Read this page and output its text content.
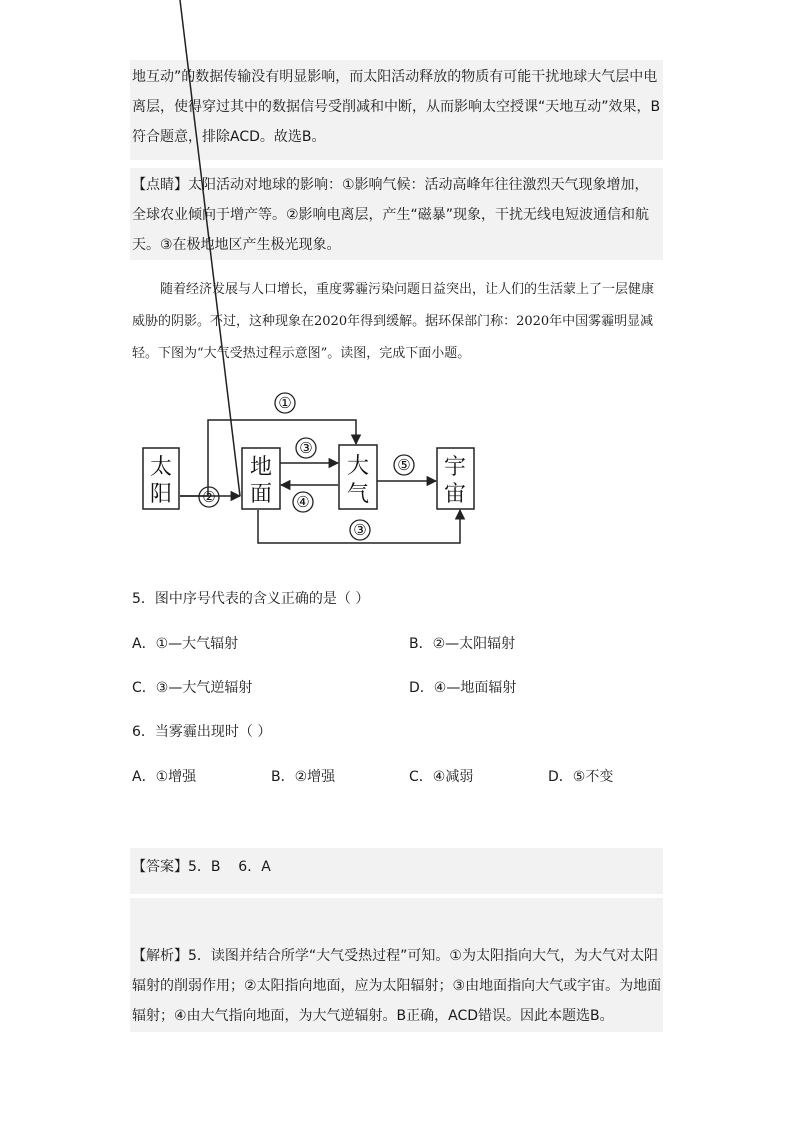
地互动”的数据传输没有明显影响，而太阳活动释放的物质有可能干扰地球大气层中电离层，使得穿过其中的数据信号受削减和中断，从而影响太空授课“天地互动”效果，B符合题意，排除ACD。故选B。

【点睛】太阳活动对地球的影响：①影响气候：活动高峰年往往激烈天气现象增加，全球农业倾向于增产等。②影响电离层，产生“磁暴”现象，干扰无线电短波通信和航天。③在极地地区产生极光现象。

随着经济发展与人口增长，重度雾霾污染问题日益突出，让人们的生活蒙上了一层健康威胁的阴影。不过，这种现象在2020年得到缓解。据环保部门称：2020年中国雾霾明显减轻。下图为“大气受热过程示意图”。读图，完成下面小题。

太
阳
地
面
大
气
宇
宙
①
②
③
④
⑤
③
5．图中序号代表的含义正确的是（ ）
A．①—大气辐射	B．②—太阳辐射
C．③—大气逆辐射	D．④—地面辐射
6．当雾霾出现时（ ）
A．①增强	B．②增强	C．④减弱	D．⑤不变
【答案】5．B    6．A

【解析】5．读图并结合所学“大气受热过程”可知。①为太阳指向大气，为大气对太阳辐射的削弱作用；②太阳指向地面，应为太阳辐射；③由地面指向大气或宇宙。为地面辐射；④由大气指向地面，为大气逆辐射。B正确，ACD错误。因此本题选B。
